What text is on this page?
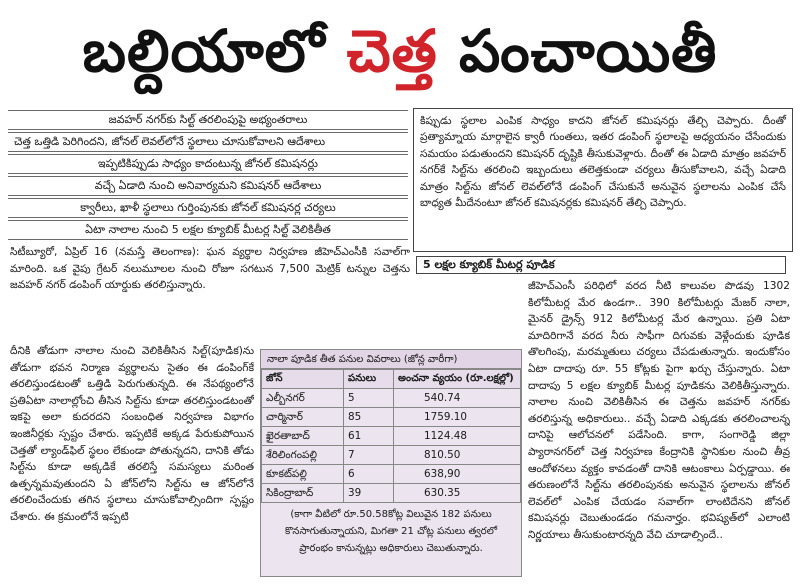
బల్దియాలో చెత్త పంచాయితీ
జవహర్ నగర్‌కు సిల్ట్ తరలింపుపై అభ్యంతరాలు
చెత్త ఒత్తిడి పెరిగిందని, జోనల్ లెవల్‌లోనే స్థలాలు చూసుకోవాలని ఆదేశాలు
ఇప్పటికిప్పుడు సాధ్యం కాదంటున్న జోనల్ కమిషనర్లు
వచ్చే ఏడాది నుంచి అనివార్యమని కమిషనర్ ఆదేశాలు
క్వారీలు, ఖాళీ స్థలాలు గుర్తింపునకు జోనల్ కమిషనర్ల చర్యలు
ఏటా నాలాల నుంచి 5 లక్షల క్యూబిక్ మీటర్ల సిల్ట్ వెలికితీత

కిప్పుడు స్థలాల ఎంపిక సాధ్యం కాదని జోనల్ కమిషనర్లు తేల్చి చెప్పారు. దీంతో ప్రత్యామ్నాయ మార్గాలైన క్వారీ గుంతలు, ఇతర డంపింగ్ స్థలాలపై అధ్యయనం చేసేందుకు సమయం పడుతుందని కమిషనర్ దృష్టికి తీసుకువెళ్లారు. దీంతో ఈ ఏడాది మాత్రం జవహర్ నగర్‌కే సిల్ట్‌ను తరలించి ఇబ్బందులు తలెత్తకుండా చర్యలు తీసుకోవాలని, వచ్చే ఏడాది మాత్రం సిల్ట్‌ను జోనల్ లెవల్‌లోనే డంపింగ్ చేసుకునే అనువైన స్థలాలను ఎంపిక చేసే బాధ్యత మీదేనంటూ జోనల్ కమిషనర్లకు కమిషనర్ తేల్చి చెప్పారు.

5 లక్షల క్యూబిక్ మీటర్ల పూడిక

సిటీబ్యూరో, ఏప్రిల్ 16 (నమస్తే తెలంగాణ): ఘన వ్యర్థాల నిర్వహణ జీహెచ్ఎంసీకి సవాల్‌గా మారింది. ఒక వైపు గ్రేటర్ నలుమూలల నుంచి రోజూ సగటున 7,500 మెట్రిక్ టన్నుల చెత్తను జవహర్ నగర్ డంపింగ్ యార్డుకు తరలిస్తున్నారు.

దీనికి తోడుగా నాలాల నుంచి వెలికితీసిన సిల్ట్(పూడిక)ను తోడుగా భవన నిర్మాణ వ్యర్థాలను సైతం ఈ డంపింగ్‌కే తరలిస్తుండటంతో ఒత్తిడి పెరుగుతున్నది. ఈ నేపథ్యంలోనే ప్రతిఏటా నాలాల్లోంచి తీసిన సిల్ట్‌ను కూడా తరలిస్తుండటంతో ఇకపై అలా కుదరదని సంబంధిత నిర్వహణ విభాగం ఇంజినీర్లకు స్పష్టం చేశారు. ఇప్పటికే అక్కడ పేరుకుపోయిన చెత్తతో ల్యాండ్‌ఫిల్ స్థలం లేకుండా పోతున్నదని, దానికి తోడు సిల్ట్‌ను కూడా అక్కడికే తరలిస్తే సమస్యలు మరింత ఉత్పన్నమవుతుందని ఏ జోన్‌లోని సిల్ట్‌ను ఆ జోన్‌లోనే తరలించేందుకు తగిన స్థలాలు చూసుకోవాల్సిందిగా స్పష్టం చేశారు. ఈ క్రమంలోనే ఇప్పటి

జీహెచ్ఎంసీ పరిధిలో వరద నీటి కాలువల పొడవు 1302 కిలోమీటర్ల మేర ఉండగా.. 390 కిలోమీటర్లు మేజర్ నాలా, మైనర్ డ్రైన్స్ 912 కిలోమీటర్ల మేర ఉన్నాయి. ప్రతి ఏటా మాదిరిగానే వరద నీరు సాఫీగా దిగువకు వెళ్లేందుకు పూడిక తొలగింపు, మరమ్మతులు చర్యలు చేపడుతున్నారు. ఇందుకోసం ఏటా దాదాపు రూ. 55 కోట్లకు పైగా ఖర్చు చేస్తున్నారు. ఏటా దాదాపు 5 లక్షల క్యూబిక్ మీటర్ల పూడికను వెలికితీస్తున్నారు. నాలాల నుంచి వెలికితీసిన ఈ చెత్తను జవహర్ నగర్‌కు తరలిస్తున్న అధికారులు.. వచ్చే ఏడాది ఎక్కడకు తరలించాలన్న దానిపై ఆలోచనలో పడేసింది. కాగా, సంగారెడ్డి జిల్లా ప్యారానగర్‌లో చెత్త నిర్వహణ కేంద్రానికి స్థానికుల నుంచి తీవ్ర ఆందోళనలు వ్యక్తం కావడంతో దానికి ఆటంకాలు ఏర్పడ్డాయి. ఈ తరుణంలోనే సిల్ట్‌ను తరలింపునకు అనువైన స్థలాలను జోనల్ లెవల్‌లో ఎంపిక చేయడం సవాల్‌గా లాంటిదేనని జోనల్ కమిషనర్లు చెబుతుండడం గమనార్హం. భవిష్యత్‌లో ఎలాంటి నిర్ణయాలు తీసుకుంటారన్నది వేచి చూడాల్సిందే..

నాలా పూడిక తీత పనుల వివరాలు (జోన్ల వారీగా)
జోన్	పనులు	అంచనా వ్యయం (రూ.లక్షల్లో)
ఎల్బీనగర్	5	540.74
చార్మినార్	85	1759.10
ఖైరతాబాద్	61	1124.48
శేరిలింగంపల్లి	7	810.50
కూకట్‌పల్లి	6	638,90
సికింద్రాబాద్	39	630.35
(కాగా వీటిలో రూ.50.58కోట్ల విలువైన 182 పనులు కొనసాగుతున్నాయని, మిగతా 21 చోట్ల పనులు త్వరలో ప్రారంభం కానున్నట్లు అధికారులు చెబుతున్నారు.
